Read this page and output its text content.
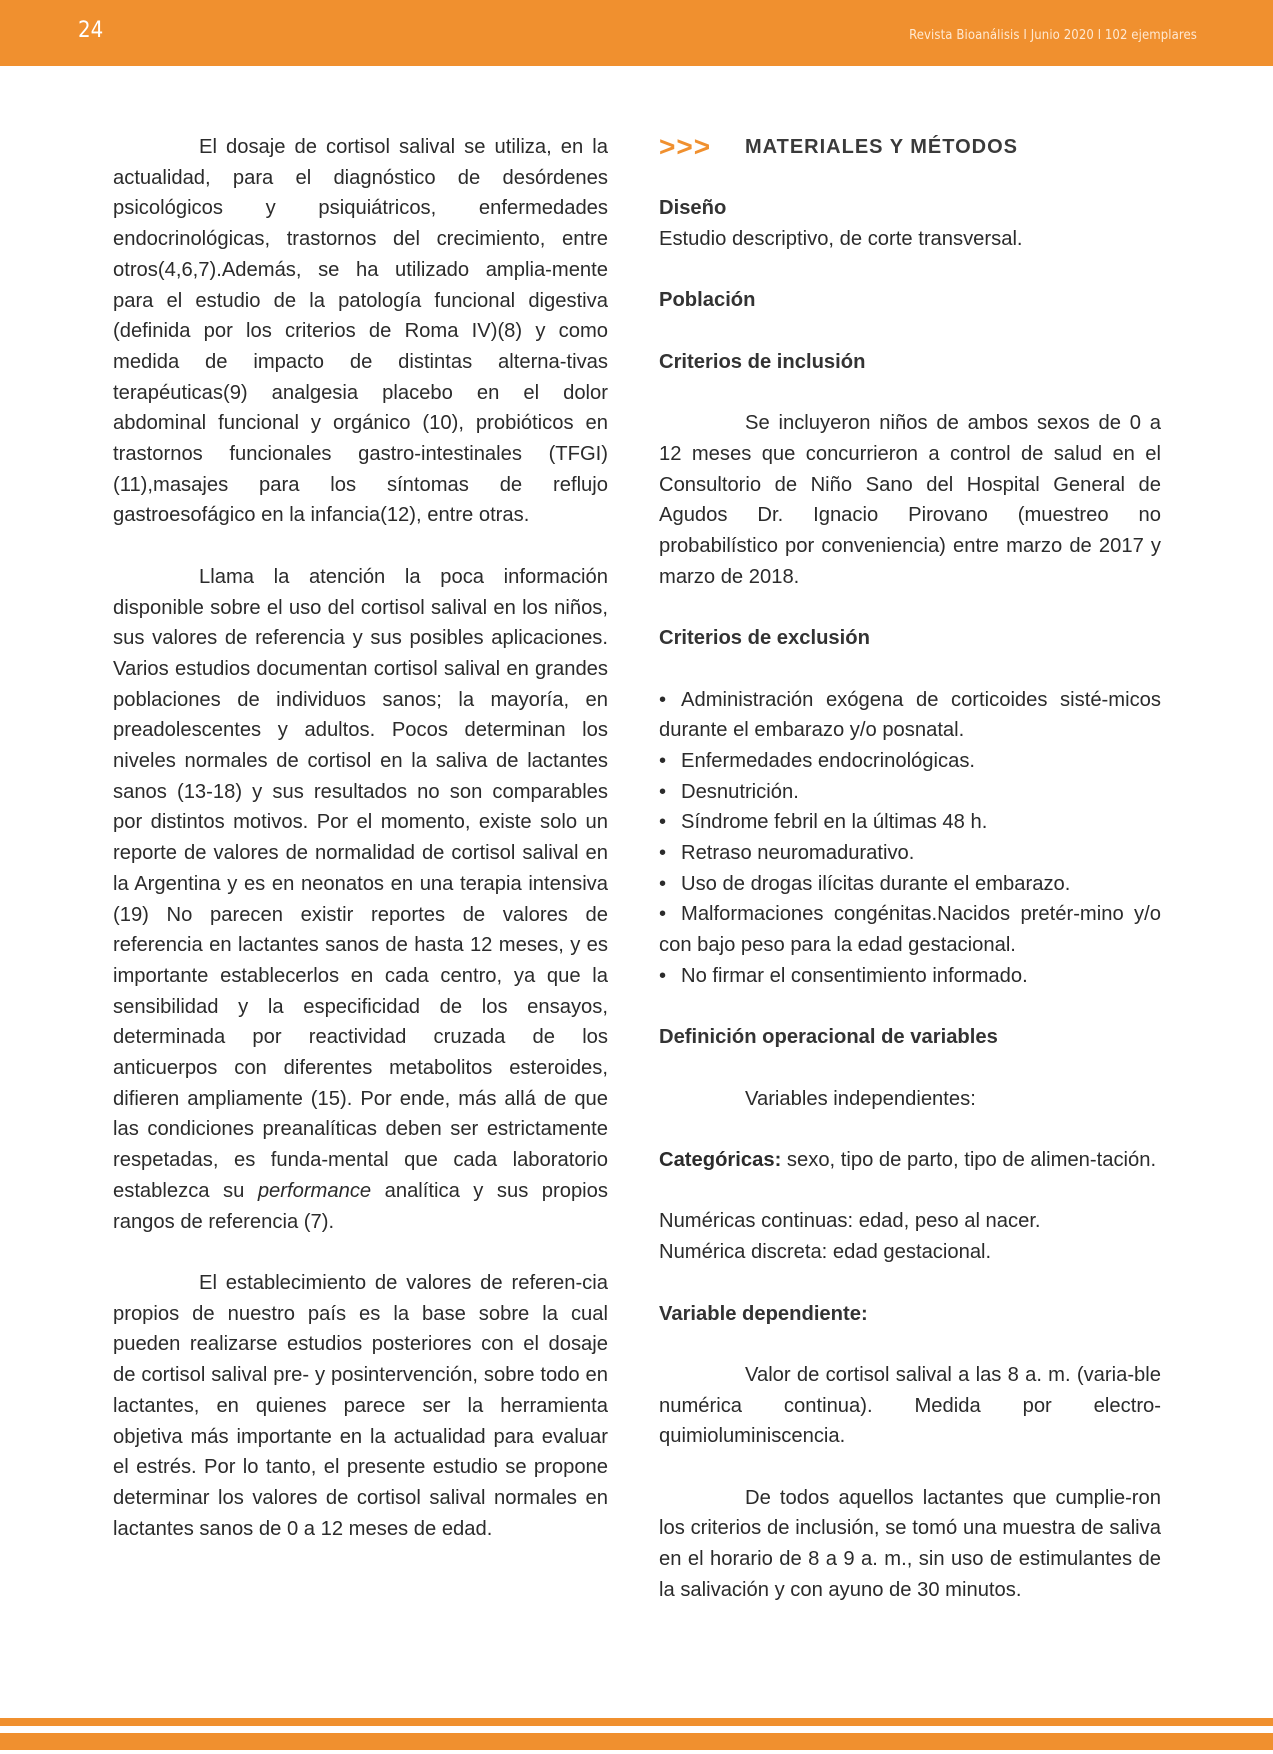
24	Revista Bioanálisis I Junio 2020 l 102 ejemplares

El dosaje de cortisol salival se utiliza, en la actualidad, para el diagnóstico de desórdenes psicológicos y psiquiátricos, enfermedades endocrinológicas, trastornos del crecimiento, entre otros(4,6,7).Además, se ha utilizado amplia-mente para el estudio de la patología funcional digestiva (definida por los criterios de Roma IV)(8) y como medida de impacto de distintas alterna-tivas terapéuticas(9) analgesia placebo en el dolor abdominal funcional y orgánico (10), probióticos en trastornos funcionales gastro-intestinales (TFGI)(11),masajes para los síntomas de reflujo gastroesofágico en la infancia(12), entre otras.

Llama la atención la poca información disponible sobre el uso del cortisol salival en los niños, sus valores de referencia y sus posibles aplicaciones. Varios estudios documentan cortisol salival en grandes poblaciones de individuos sanos; la mayoría, en preadolescentes y adultos. Pocos determinan los niveles normales de cortisol en la saliva de lactantes sanos (13-18) y sus resultados no son comparables por distintos motivos. Por el momento, existe solo un reporte de valores de normalidad de cortisol salival en la Argentina y es en neonatos en una terapia intensiva (19) No parecen existir reportes de valores de referencia en lactantes sanos de hasta 12 meses, y es importante establecerlos en cada centro, ya que la sensibilidad y la especificidad de los ensayos, determinada por reactividad cruzada de los anticuerpos con diferentes metabolitos esteroides, difieren ampliamente (15). Por ende, más allá de que las condiciones preanalíticas deben ser estrictamente respetadas, es funda-mental que cada laboratorio establezca su performance analítica y sus propios rangos de referencia (7).

El establecimiento de valores de referen-cia propios de nuestro país es la base sobre la cual pueden realizarse estudios posteriores con el dosaje de cortisol salival pre- y posintervención, sobre todo en lactantes, en quienes parece ser la herramienta objetiva más importante en la actualidad para evaluar el estrés. Por lo tanto, el presente estudio se propone determinar los valores de cortisol salival normales en lactantes sanos de 0 a 12 meses de edad.

>>>	MATERIALES Y MÉTODOS

Diseño

Estudio descriptivo, de corte transversal.

Población

Criterios de inclusión

Se incluyeron niños de ambos sexos de 0 a 12 meses que concurrieron a control de salud en el Consultorio de Niño Sano del Hospital General de Agudos Dr. Ignacio Pirovano (muestreo no probabilístico por conveniencia) entre marzo de 2017 y marzo de 2018.

Criterios de exclusión

• Administración exógena de corticoides sisté-micos durante el embarazo y/o posnatal.
• Enfermedades endocrinológicas.
• Desnutrición.
• Síndrome febril en la últimas 48 h.
• Retraso neuromadurativo.
• Uso de drogas ilícitas durante el embarazo.
• Malformaciones congénitas.Nacidos pretér-mino y/o con bajo peso para la edad gestacional.
• No firmar el consentimiento informado.

Definición operacional de variables

Variables independientes:

Categóricas: sexo, tipo de parto, tipo de alimen-tación.

Numéricas continuas: edad, peso al nacer.

Numérica discreta: edad gestacional.

Variable dependiente:

Valor de cortisol salival a las 8 a. m. (varia-ble numérica continua). Medida por electro-quimioluminiscencia.

De todos aquellos lactantes que cumplie-ron los criterios de inclusión, se tomó una muestra de saliva en el horario de 8 a 9 a. m., sin uso de estimulantes de la salivación y con ayuno de 30 minutos.
